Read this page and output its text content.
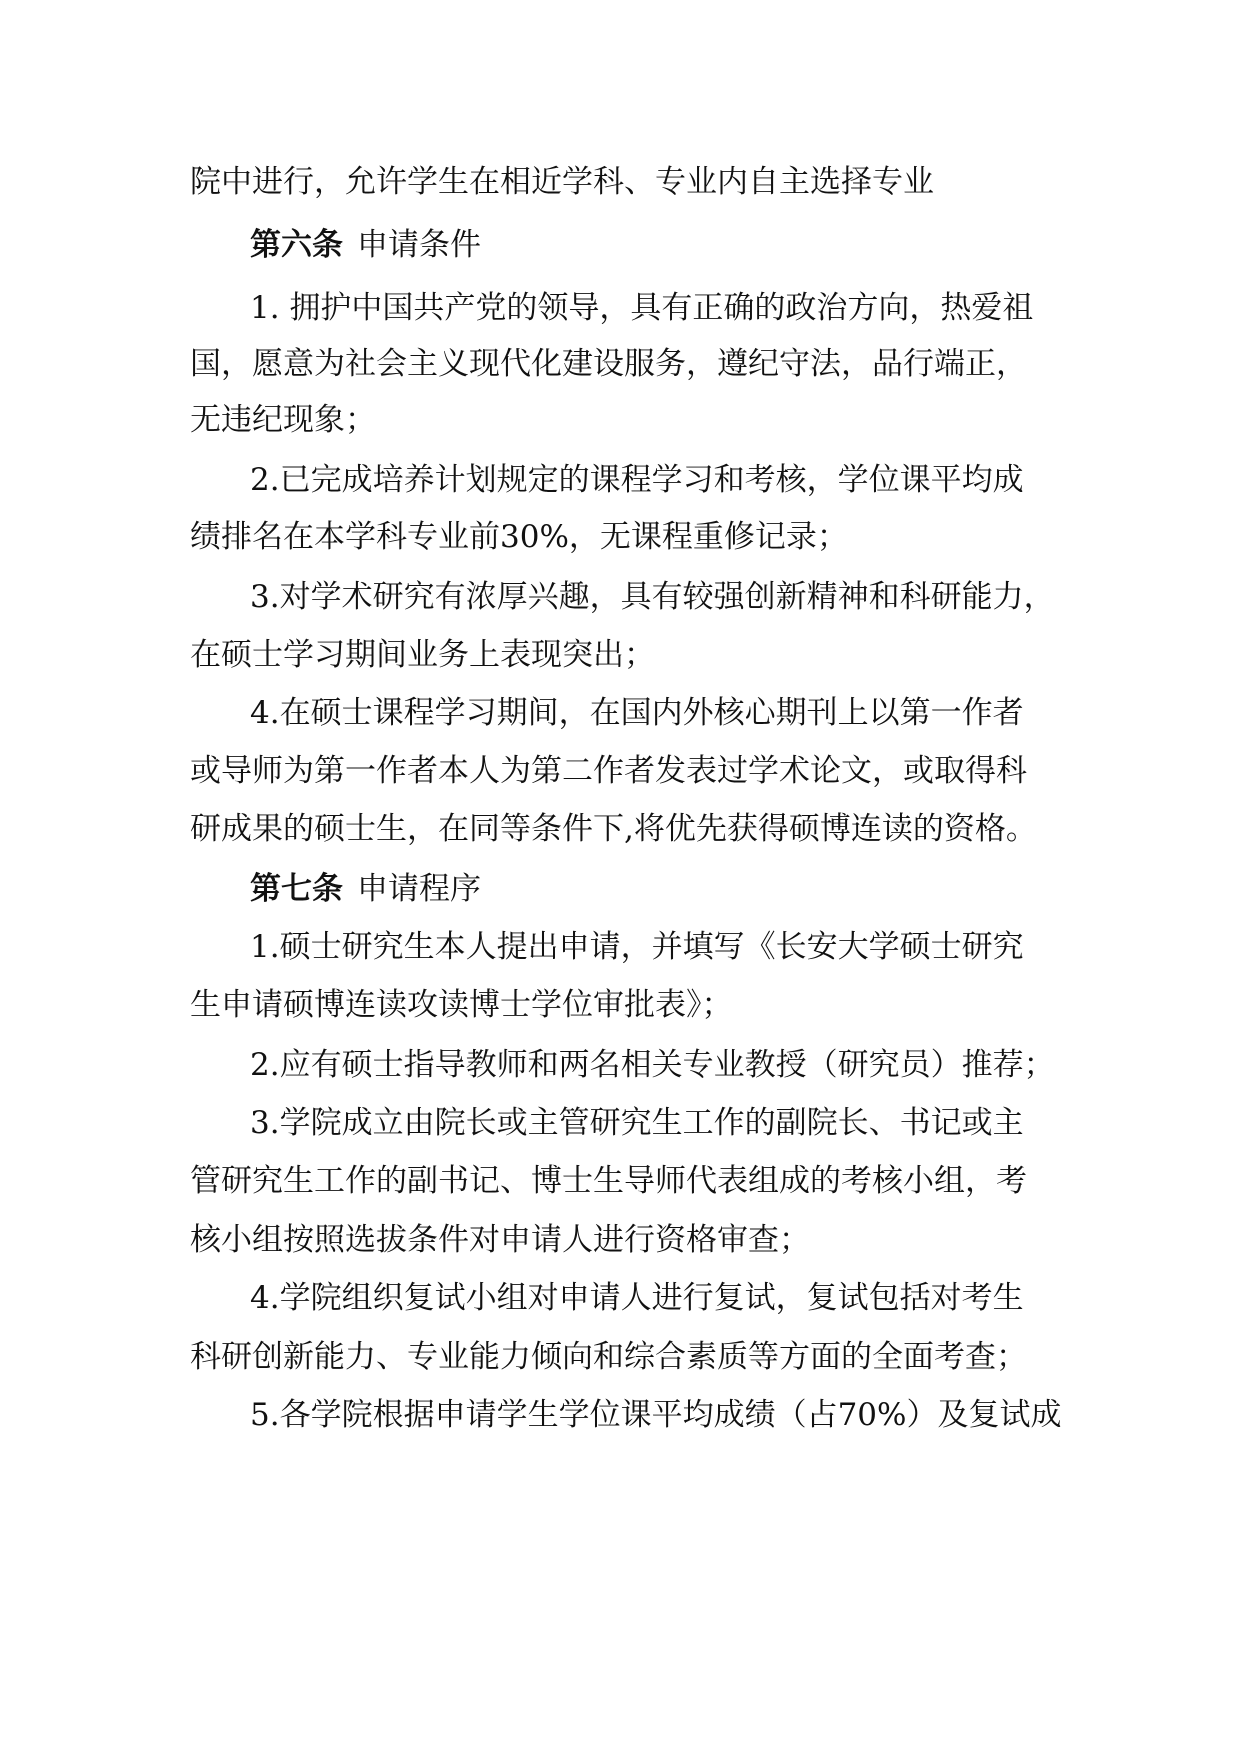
院中进行，允许学生在相近学科、专业内自主选择专业
第六条 申请条件
1. 拥护中国共产党的领导，具有正确的政治方向，热爱祖
国，愿意为社会主义现代化建设服务，遵纪守法，品行端正，
无违纪现象；
2.已完成培养计划规定的课程学习和考核，学位课平均成
绩排名在本学科专业前30%，无课程重修记录；
3.对学术研究有浓厚兴趣，具有较强创新精神和科研能力，
在硕士学习期间业务上表现突出；
4.在硕士课程学习期间，在国内外核心期刊上以第一作者
或导师为第一作者本人为第二作者发表过学术论文，或取得科
研成果的硕士生，在同等条件下,将优先获得硕博连读的资格。
第七条 申请程序
1.硕士研究生本人提出申请，并填写《长安大学硕士研究
生申请硕博连读攻读博士学位审批表》；
2.应有硕士指导教师和两名相关专业教授（研究员）推荐；
3.学院成立由院长或主管研究生工作的副院长、书记或主
管研究生工作的副书记、博士生导师代表组成的考核小组，考
核小组按照选拔条件对申请人进行资格审查；
4.学院组织复试小组对申请人进行复试，复试包括对考生
科研创新能力、专业能力倾向和综合素质等方面的全面考查；
5.各学院根据申请学生学位课平均成绩（占70%）及复试成
